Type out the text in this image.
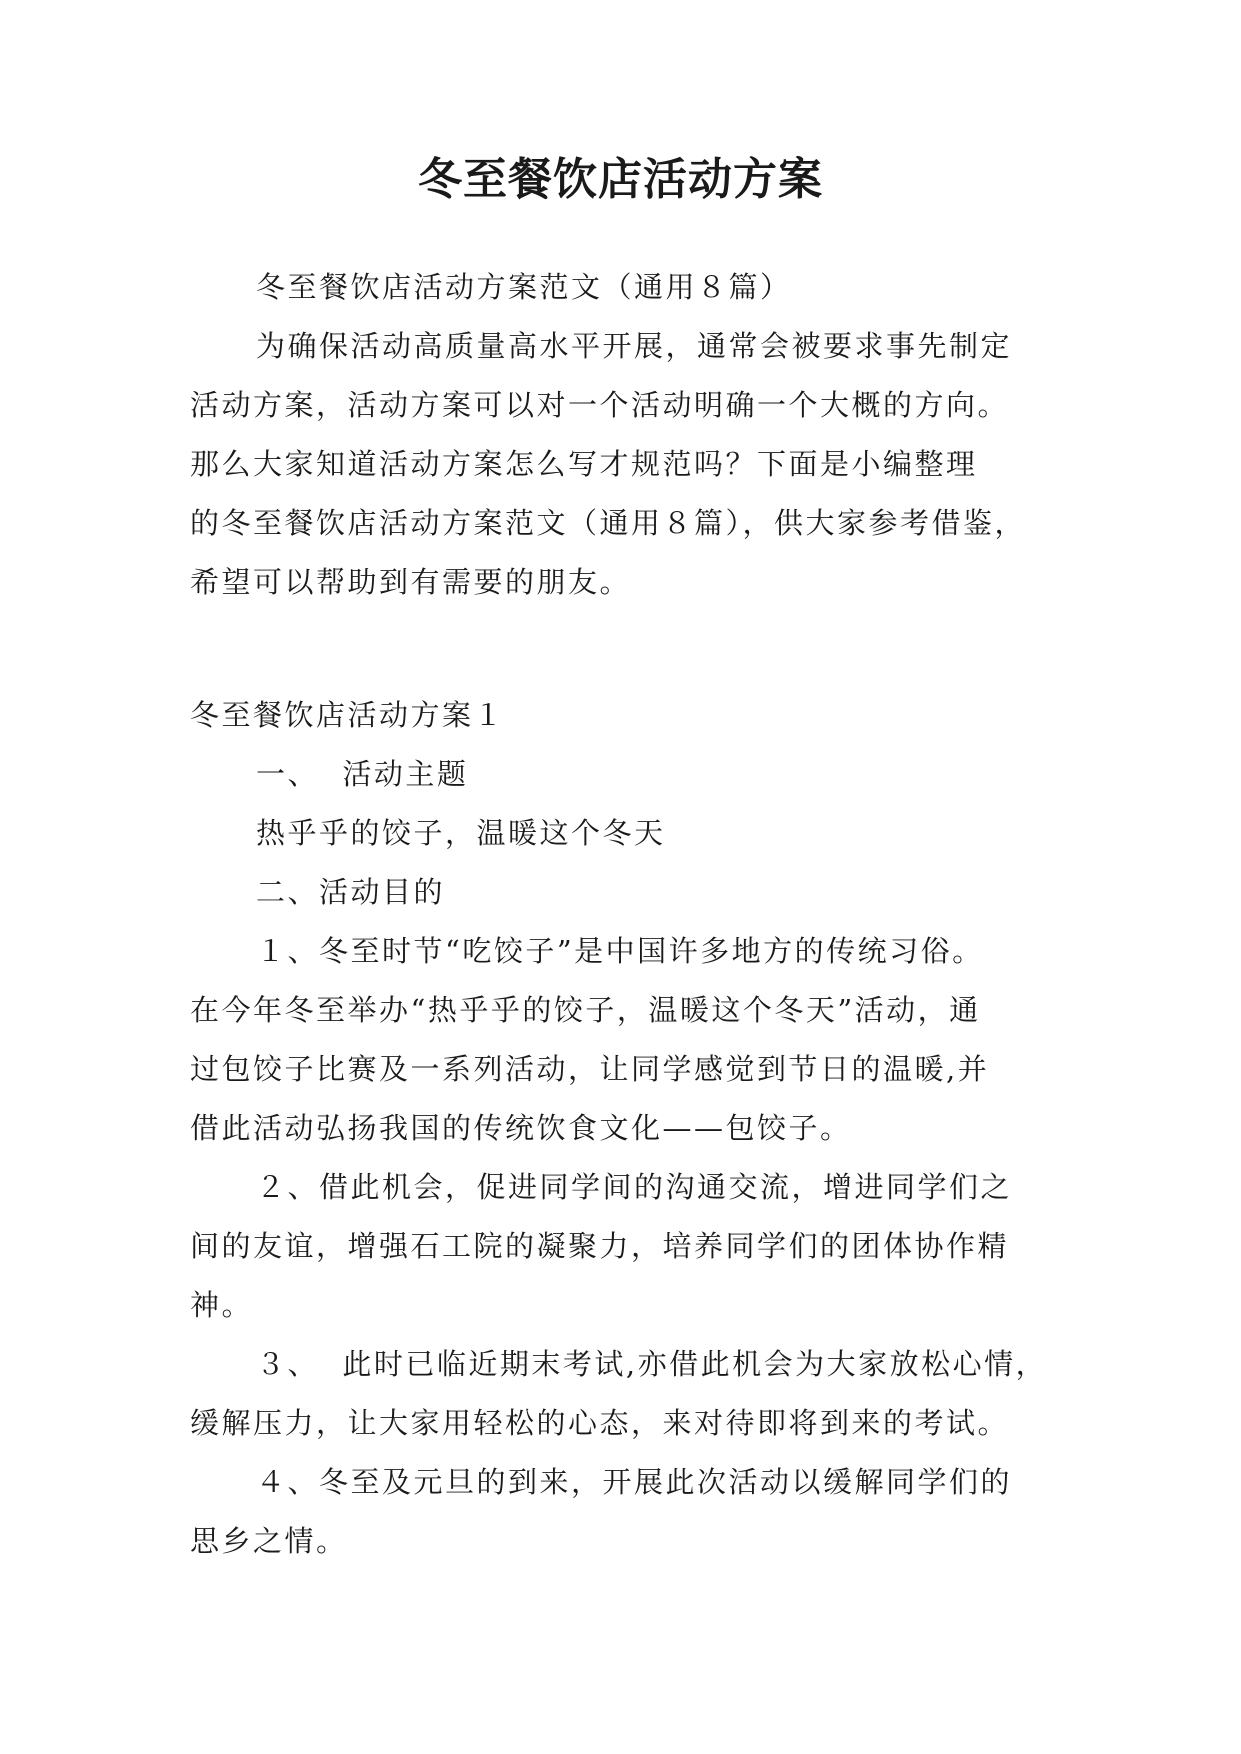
冬至餐饮店活动方案
冬至餐饮店活动方案范文（通用８篇）
为确保活动高质量高水平开展，通常会被要求事先制定
活动方案，活动方案可以对一个活动明确一个大概的方向。
那么大家知道活动方案怎么写才规范吗？下面是小编整理
的冬至餐饮店活动方案范文（通用８篇），供大家参考借鉴，
希望可以帮助到有需要的朋友。
冬至餐饮店活动方案１
一、  活动主题
热乎乎的饺子，温暖这个冬天
二、活动目的
１、冬至时节“吃饺子”是中国许多地方的传统习俗。
在今年冬至举办“热乎乎的饺子，温暖这个冬天”活动，通
过包饺子比赛及一系列活动，让同学感觉到节日的温暖,并
借此活动弘扬我国的传统饮食文化——包饺子。
２、借此机会，促进同学间的沟通交流，增进同学们之
间的友谊，增强石工院的凝聚力，培养同学们的团体协作精
神。
３、  此时已临近期末考试,亦借此机会为大家放松心情，
缓解压力，让大家用轻松的心态，来对待即将到来的考试。
４、冬至及元旦的到来，开展此次活动以缓解同学们的
思乡之情。
